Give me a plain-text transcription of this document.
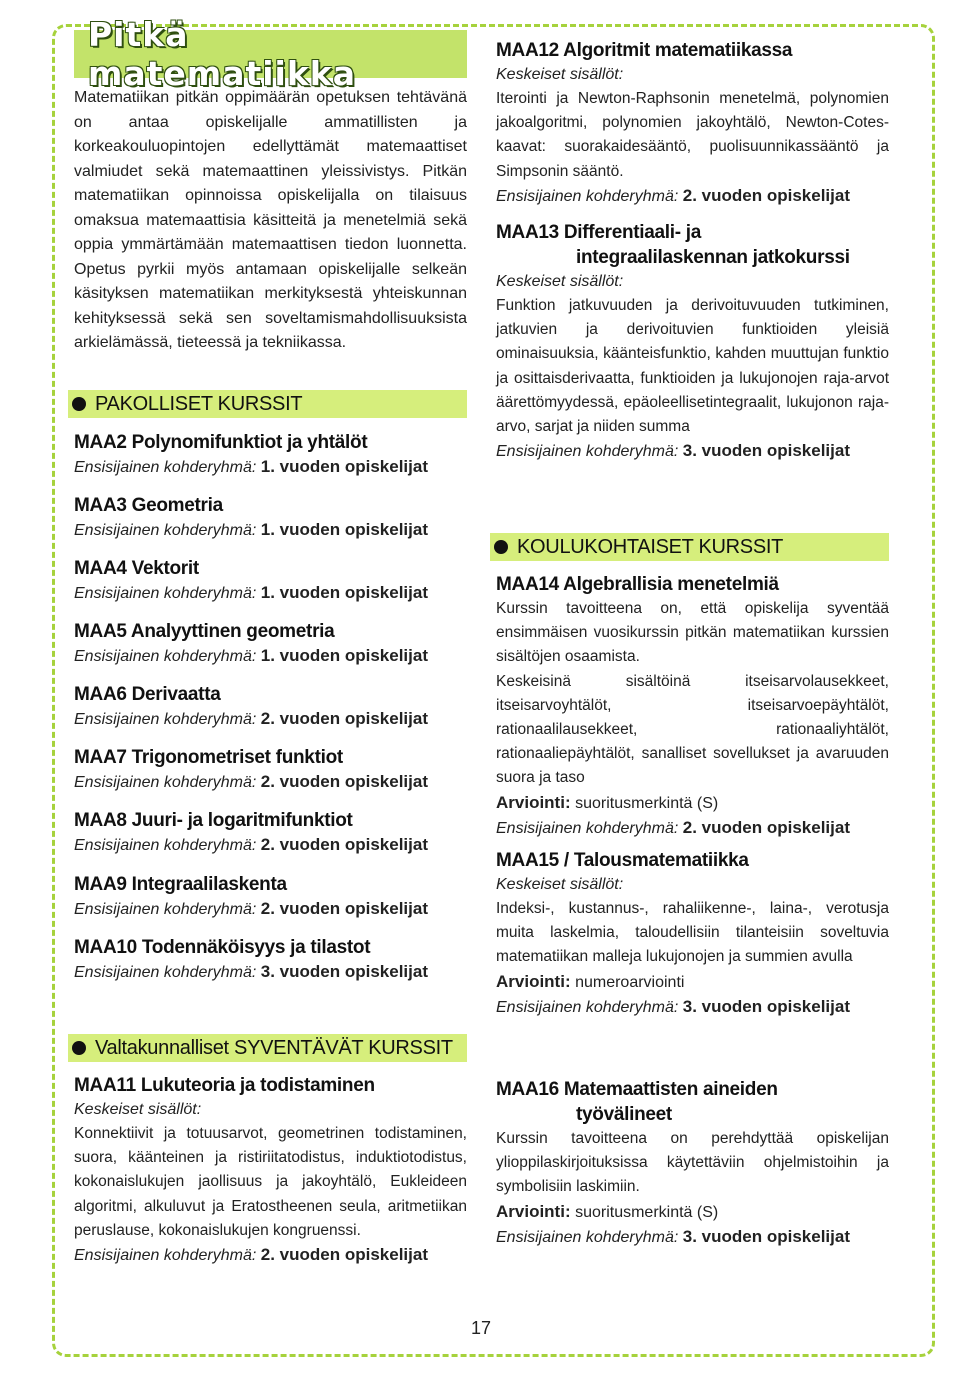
Pitkä matematiikka

Matematiikan pitkän oppimäärän opetuksen tehtävänä on antaa opiskelijalle ammatillisten ja korkeakouluopintojen edellyttämät matemaattiset valmiudet sekä matemaattinen yleissivistys. Pitkän matematiikan opinnoissa opiskelijalla on tilaisuus omaksua matemaattisia käsitteitä ja menetelmiä sekä oppia ymmärtämään matemaattisen tiedon luonnetta. Opetus pyrkii myös antamaan opiskelijalle selkeän käsityksen matematiikan merkityksestä yhteiskunnan kehityksessä sekä sen soveltamismahdollisuuksista arkielämässä, tieteessä ja tekniikassa.

PAKOLLISET KURSSIT
MAA2 Polynomifunktiot ja yhtälöt
Ensisijainen kohderyhmä: 1. vuoden opiskelijat
MAA3 Geometria
Ensisijainen kohderyhmä: 1. vuoden opiskelijat
MAA4 Vektorit
Ensisijainen kohderyhmä: 1. vuoden opiskelijat
MAA5 Analyyttinen geometria
Ensisijainen kohderyhmä: 1. vuoden opiskelijat
MAA6 Derivaatta
Ensisijainen kohderyhmä: 2. vuoden opiskelijat
MAA7 Trigonometriset funktiot
Ensisijainen kohderyhmä: 2. vuoden opiskelijat
MAA8 Juuri- ja logaritmifunktiot
Ensisijainen kohderyhmä: 2. vuoden opiskelijat
MAA9 Integraalilaskenta
Ensisijainen kohderyhmä: 2. vuoden opiskelijat
MAA10 Todennäköisyys ja tilastot
Ensisijainen kohderyhmä: 3. vuoden opiskelijat
Valtakunnalliset SYVENTÄVÄT KURSSIT
MAA11 Lukuteoria ja todistaminen
Keskeiset sisällöt:

Konnektiivit ja totuusarvot, geometrinen todistaminen, suora, käänteinen ja ristiriitatodistus, induktiotodistus, kokonaislukujen jaollisuus ja jakoyhtälö, Eukleideen algoritmi, alkuluvut ja Eratostheenen seula, aritmetiikan peruslause, kokonaislukujen kongruenssi.

Ensisijainen kohderyhmä: 2. vuoden opiskelijat
MAA12 Algoritmit matematiikassa
Keskeiset sisällöt:

Iterointi ja Newton-Raphsonin menetelmä, polynomien jakoalgoritmi, polynomien jakoyhtälö, Newton-Cotes-kaavat: suorakaidesääntö, puolisuunnikassääntö ja Simpsonin sääntö.

Ensisijainen kohderyhmä: 2. vuoden opiskelijat
MAA13 Differentiaali- ja
integraalilaskennan jatkokurssi
Keskeiset sisällöt:

Funktion jatkuvuuden ja derivoituvuuden tutkiminen, jatkuvien ja derivoituvien funktioiden yleisiä ominaisuuksia, käänteisfunktio, kahden muuttujan funktio ja osittaisderivaatta, funktioiden ja lukujonojen raja-arvot äärettömyydessä, epäoleellisetintegraalit, lukujonon raja-arvo, sarjat ja niiden summa

Ensisijainen kohderyhmä: 3. vuoden opiskelijat
KOULUKOHTAISET KURSSIT
MAA14 Algebrallisia menetelmiä

Kurssin tavoitteena on, että opiskelija syventää ensimmäisen vuosikurssin pitkän matematiikan kurssien sisältöjen osaamista.

Keskeisinä sisältöinä itseisarvolausekkeet, itseisarvoyhtälöt, itseisarvoepäyhtälöt, rationaalilausekkeet, rationaaliyhtälöt, rationaaliepäyhtälöt, sanalliset sovellukset ja avaruuden suora ja taso

Arviointi: suoritusmerkintä (S)
Ensisijainen kohderyhmä: 2. vuoden opiskelijat
MAA15 / Talousmatematiikka
Keskeiset sisällöt:

Indeksi-, kustannus-, rahaliikenne-, laina-, verotusja muita laskelmia, taloudellisiin tilanteisiin soveltuvia matematiikan malleja lukujonojen ja summien avulla

Arviointi: numeroarviointi
Ensisijainen kohderyhmä: 3. vuoden opiskelijat
MAA16 Matemaattisten aineiden
työvälineet

Kurssin tavoitteena on perehdyttää opiskelijan ylioppilaskirjoituksissa käytettäviin ohjelmistoihin ja symbolisiin laskimiin.

Arviointi: suoritusmerkintä (S)
Ensisijainen kohderyhmä: 3. vuoden opiskelijat
17
